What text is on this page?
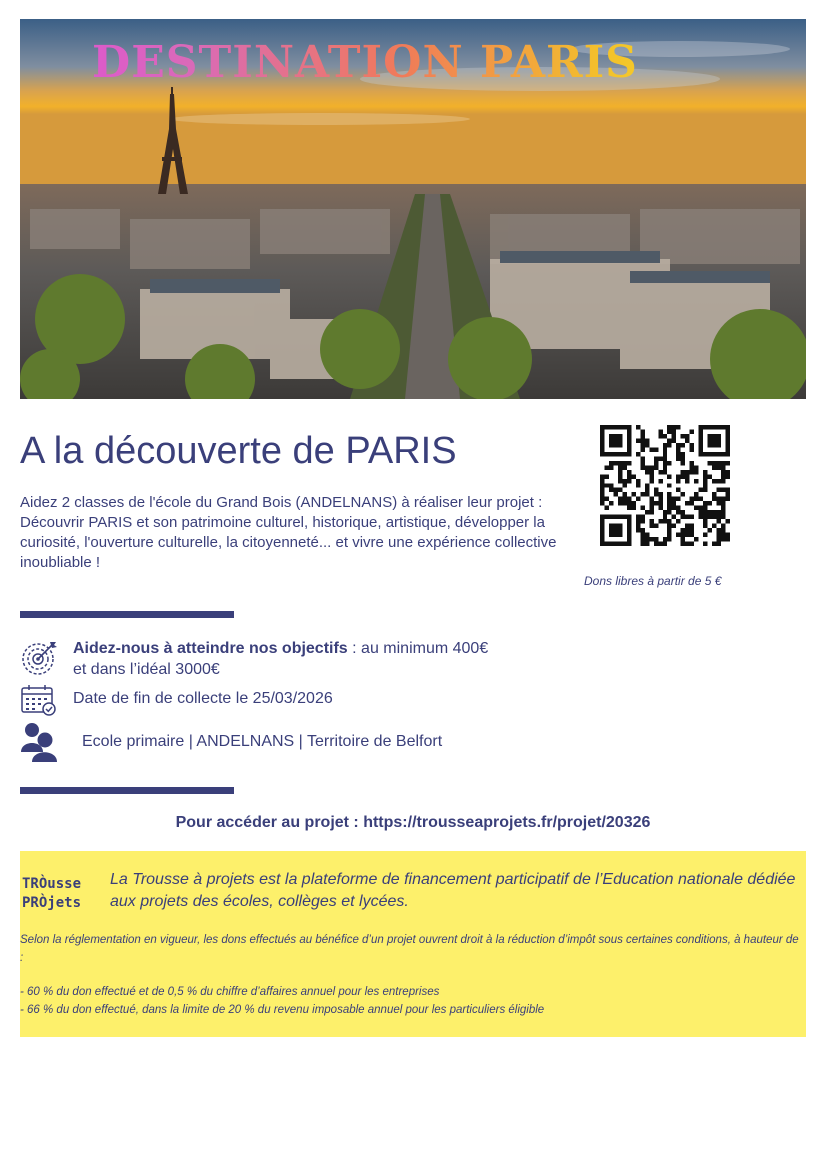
DESTINATION PARIS
A la découverte de PARIS

Aidez 2 classes de l'école du Grand Bois (ANDELNANS) à réaliser leur projet : Découvrir PARIS et son patrimoine culturel, historique, artistique, développer la curiosité, l'ouverture culturelle, la citoyenneté... et vivre une expérience collective inoubliable !

Dons libres à partir de 5 €
Aidez-nous à atteindre nos objectifs : au minimum 400€
et dans l’idéal 3000€
Date de fin de collecte le 25/03/2026
Ecole primaire | ANDELNANS | Territoire de Belfort
Pour accéder au projet : https://trousseaprojets.fr/projet/20326
TRÒusse
PRÒjets

La Trousse à projets est la plateforme de financement participatif de l’Education nationale dédiée aux projets des écoles, collèges et lycées.

Selon la réglementation en vigueur, les dons effectués au bénéfice d’un projet ouvrent droit à la réduction d’impôt sous certaines conditions, à hauteur de :

- 60 % du don effectué et de 0,5 % du chiffre d’affaires annuel pour les entreprises

- 66 % du don effectué, dans la limite de 20 % du revenu imposable annuel pour les particuliers éligible
